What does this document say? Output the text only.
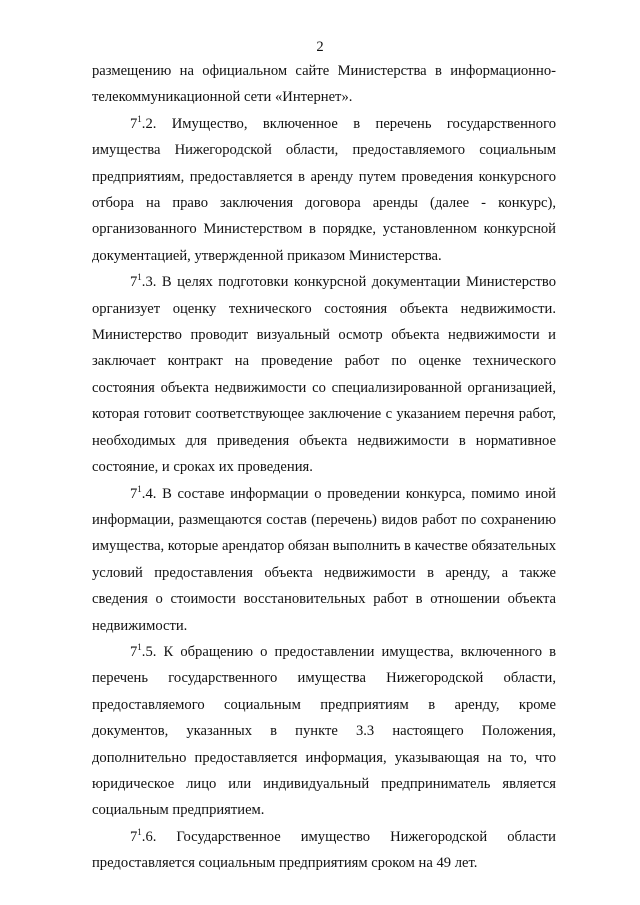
2

размещению на официальном сайте Министерства в информационно-телекоммуникационной сети «Интернет».

$7^1.2$. Имущество, включенное в перечень государственного имущества Нижегородской области, предоставляемого социальным предприятиям, предоставляется в аренду путем проведения конкурсного отбора на право заключения договора аренды (далее - конкурс), организованного Министерством в порядке, установленном конкурсной документацией, утвержденной приказом Министерства.

$7^1.3$. В целях подготовки конкурсной документации Министерство организует оценку технического состояния объекта недвижимости. Министерство проводит визуальный осмотр объекта недвижимости и заключает контракт на проведение работ по оценке технического состояния объекта недвижимости со специализированной организацией, которая готовит соответствующее заключение с указанием перечня работ, необходимых для приведения объекта недвижимости в нормативное состояние, и сроках их проведения.

$7^1.4$. В составе информации о проведении конкурса, помимо иной информации, размещаются состав (перечень) видов работ по сохранению имущества, которые арендатор обязан выполнить в качестве обязательных условий предоставления объекта недвижимости в аренду, а также сведения о стоимости восстановительных работ в отношении объекта недвижимости.

$7^1.5$. К обращению о предоставлении имущества, включенного в перечень государственного имущества Нижегородской области, предоставляемого социальным предприятиям в аренду, кроме документов, указанных в пункте 3.3 настоящего Положения, дополнительно предоставляется информация, указывающая на то, что юридическое лицо или индивидуальный предприниматель является социальным предприятием.

$7^1.6$. Государственное имущество Нижегородской области предоставляется социальным предприятиям сроком на 49 лет.
